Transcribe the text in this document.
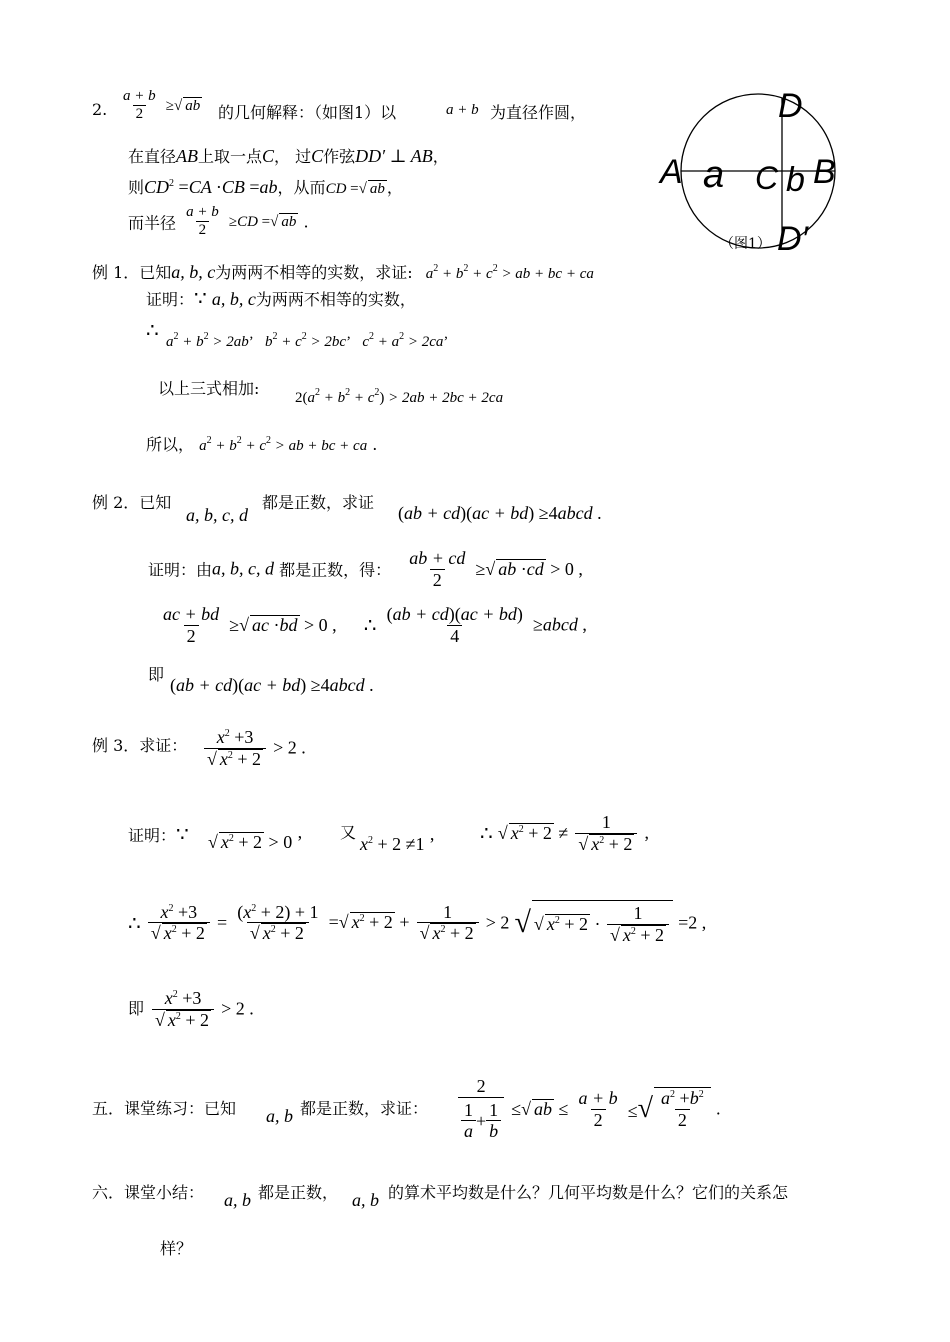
2. $\frac{a + b}{2}$ ≥√ ab 的几何解释：（如图1）以	a + b 为直径作圆，
在直径AB上取一点C， 过C作弦DD′ ⊥ AB，
则$CD^2 =CA \cdot CB =ab$，从而CD =√ ab ，
而半径 $\frac{a + b}{2} \ge CD$ =√ ab .
A a C b B
D
D′
（图1）
例 1．已知a, b, c为两两不相等的实数，求证: $a^2 + b^2 + c^2$ > ab + bc + ca
证明：∵ a, b, c为两两不相等的实数，
∴ $a^2 + b^2 > 2ab$’   $b^2 + c^2 > 2bc$’   $c^2 + a^2 > 2ca$’
以上三式相加: $2(a^2 + b^2 + c^2) > 2ab + 2bc + 2ca$
所以， $a^2 + b^2 + c^2$ > ab + bc + ca .
例 2．已知
a, b, c, d
都是正数，求证
(ab + cd)(ac + bd) ≥4abcd .
证明：由a, b, c, d 都是正数，得： $\frac{ab + cd}{2}$ ≥√ ab ·cd > 0 ,
$\frac{ac + bd}{2}$ ≥√ ac ·bd > 0 , ∴ $\frac{(ab + cd)(ac + bd)}{4}$ ≥abcd ,
即
(ab + cd)(ac + bd) ≥4abcd .
例 3．求证： $\frac{x^2 +3}{√ x^2 + 2} > 2$ .
证明：∵ √ $x^2 + 2 > 0$ ’ 又
$x^2 + 2 \ne 1$ ’ ∴ √ $x^2 + 2 \ne \frac{1}{√ x^2 + 2}$ ,
∴ $\frac{x^2 +3}{√ x^2 + 2} = \frac{(x^2 + 2) + 1}{√ x^2 + 2}$ =√ $x^2 + 2 + \frac{1}{√ x^2 + 2} > 2$ √ √ $x^2 + 2 \cdot \frac{1}{√ x^2 + 2} =2$ ,
即 $\frac{x^2 +3}{√ x^2 + 2} > 2$ .
五．课堂练习：已知 a, b 都是正数，求证： $\frac{2}{\frac{1}{a} + \frac{1}{b}}$ ≤√ ab ≤ $\frac{a + b}{2}$ ≤√ $\frac{a^2 +b^2}{2}$ .
六．课堂小结： a, b 都是正数， a, b 的算术平均数是什么？几何平均数是什么？它们的关系怎
样？
